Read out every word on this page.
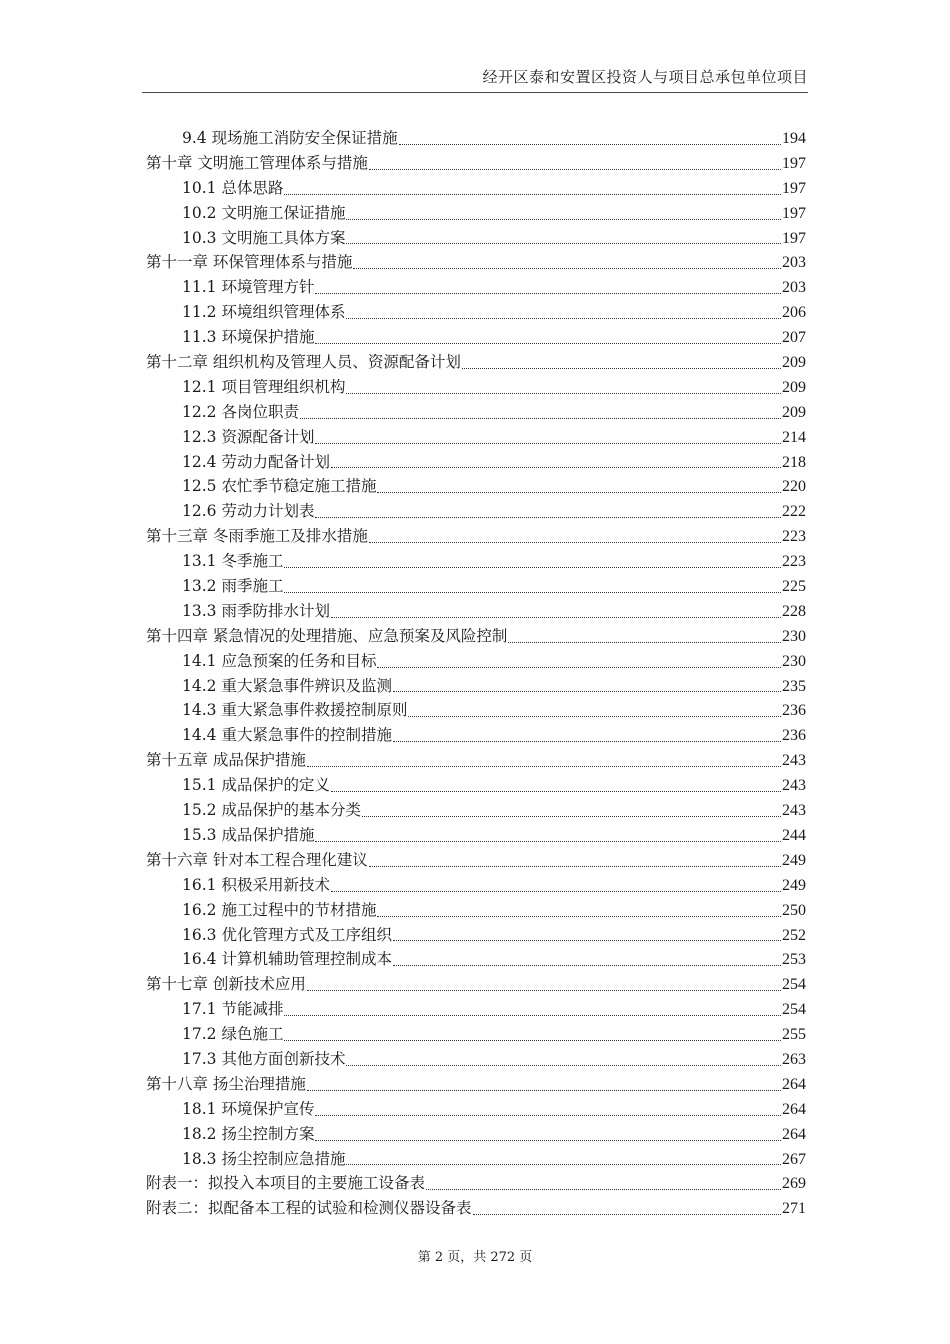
经开区泰和安置区投资人与项目总承包单位项目
9.4 现场施工消防安全保证措施	194
第十章 文明施工管理体系与措施	197
10.1 总体思路	197
10.2 文明施工保证措施	197
10.3 文明施工具体方案	197
第十一章 环保管理体系与措施	203
11.1 环境管理方针	203
11.2 环境组织管理体系	206
11.3 环境保护措施	207
第十二章 组织机构及管理人员、资源配备计划	209
12.1 项目管理组织机构	209
12.2 各岗位职责	209
12.3 资源配备计划	214
12.4 劳动力配备计划	218
12.5 农忙季节稳定施工措施	220
12.6 劳动力计划表	222
第十三章 冬雨季施工及排水措施	223
13.1 冬季施工	223
13.2 雨季施工	225
13.3 雨季防排水计划	228
第十四章 紧急情况的处理措施、应急预案及风险控制	230
14.1 应急预案的任务和目标	230
14.2 重大紧急事件辨识及监测	235
14.3 重大紧急事件救援控制原则	236
14.4 重大紧急事件的控制措施	236
第十五章 成品保护措施	243
15.1 成品保护的定义	243
15.2 成品保护的基本分类	243
15.3 成品保护措施	244
第十六章 针对本工程合理化建议	249
16.1 积极采用新技术	249
16.2 施工过程中的节材措施	250
16.3 优化管理方式及工序组织	252
16.4 计算机辅助管理控制成本	253
第十七章 创新技术应用	254
17.1 节能减排	254
17.2 绿色施工	255
17.3 其他方面创新技术	263
第十八章 扬尘治理措施	264
18.1 环境保护宣传	264
18.2 扬尘控制方案	264
18.3 扬尘控制应急措施	267
附表一：拟投入本项目的主要施工设备表	269
附表二：拟配备本工程的试验和检测仪器设备表	271
第 2 页，共 272 页
